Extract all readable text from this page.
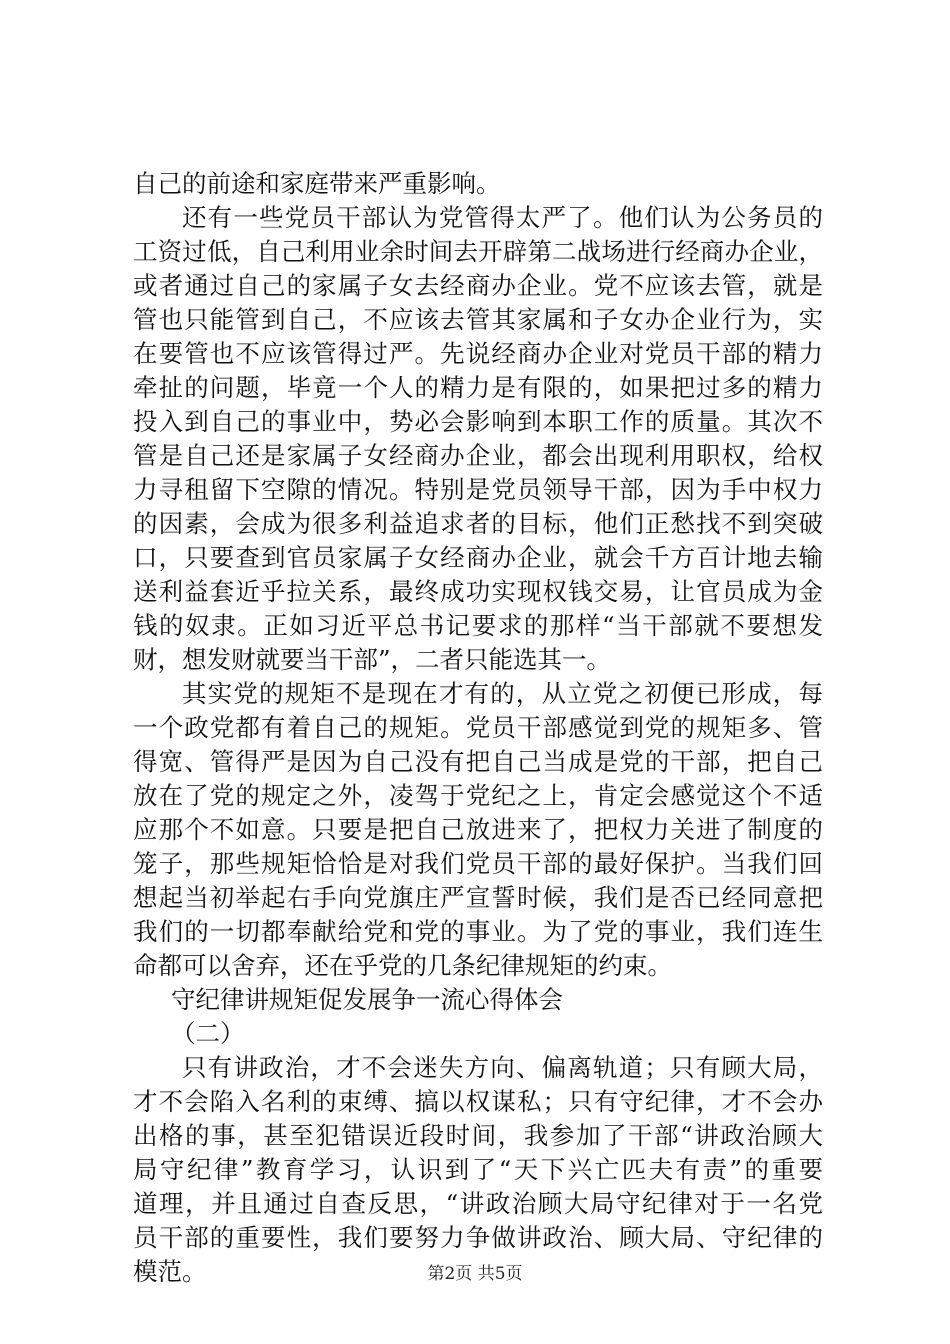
自己的前途和家庭带来严重影响。
还有一些党员干部认为党管得太严了。他们认为公务员的
工资过低，自己利用业余时间去开辟第二战场进行经商办企业，
或者通过自己的家属子女去经商办企业。党不应该去管，就是
管也只能管到自己，不应该去管其家属和子女办企业行为，实
在要管也不应该管得过严。先说经商办企业对党员干部的精力
牵扯的问题，毕竟一个人的精力是有限的，如果把过多的精力
投入到自己的事业中，势必会影响到本职工作的质量。其次不
管是自己还是家属子女经商办企业，都会出现利用职权，给权
力寻租留下空隙的情况。特别是党员领导干部，因为手中权力
的因素，会成为很多利益追求者的目标，他们正愁找不到突破
口，只要查到官员家属子女经商办企业，就会千方百计地去输
送利益套近乎拉关系，最终成功实现权钱交易，让官员成为金
钱的奴隶。正如习近平总书记要求的那样“当干部就不要想发
财，想发财就要当干部”，二者只能选其一。
其实党的规矩不是现在才有的，从立党之初便已形成，每
一个政党都有着自己的规矩。党员干部感觉到党的规矩多、管
得宽、管得严是因为自己没有把自己当成是党的干部，把自己
放在了党的规定之外，凌驾于党纪之上，肯定会感觉这个不适
应那个不如意。只要是把自己放进来了，把权力关进了制度的
笼子，那些规矩恰恰是对我们党员干部的最好保护。当我们回
想起当初举起右手向党旗庄严宣誓时候，我们是否已经同意把
我们的一切都奉献给党和党的事业。为了党的事业，我们连生
命都可以舍弃，还在乎党的几条纪律规矩的约束。
守纪律讲规矩促发展争一流心得体会
（二）
只有讲政治，才不会迷失方向、偏离轨道；只有顾大局，
才不会陷入名利的束缚、搞以权谋私；只有守纪律，才不会办
出格的事，甚至犯错误近段时间，我参加了干部“讲政治顾大
局守纪律”教育学习，认识到了“天下兴亡匹夫有责”的重要
道理，并且通过自查反思，“讲政治顾大局守纪律对于一名党
员干部的重要性，我们要努力争做讲政治、顾大局、守纪律的
模范。	第2页 共5页
